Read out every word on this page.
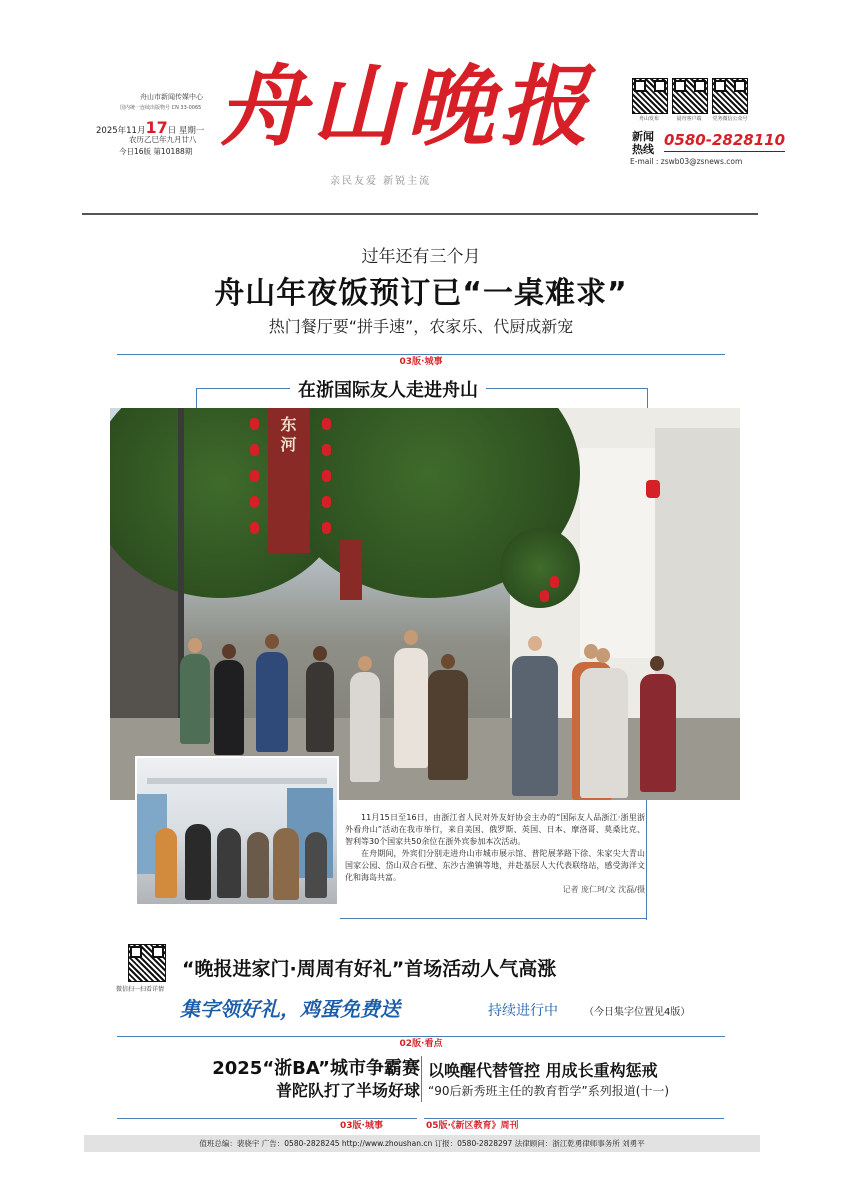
舟山市新闻传媒中心
国内统一连续出版物号 CN 33-0065
2025年11月17日 星期一
农历乙巳年九月廿八
今日16版 第10188期 舟山晚报
亲民友爱 新锐主流
舟山发布	晨舟客户端	党务微信公众号
新闻热线
0580-2828110
E-mail : zswb03@zsnews.com
过年还有三个月
舟山年夜饭预订已“一桌难求”
热门餐厅要“拼手速”，农家乐、代厨成新宠
03版·城事
在浙国际友人走进舟山
东河

11月15日至16日，由浙江省人民对外友好协会主办的“国际友人品浙江·浙里浙外看舟山”活动在我市举行，来自美国、俄罗斯、英国、日本、摩洛哥、莫桑比克、智利等30个国家共50余位在浙外宾参加本次活动。

在舟期间，外宾们分别走进舟山市城市展示馆、普陀展茅路下徐、朱家尖大青山国家公园、岱山双合石壁、东沙古渔镇等地，并赴基层人大代表联络站，感受海洋文化和海岛共富。

记者 庞仁珂/文 沈磊/摄
微信扫一扫看详情
“晚报进家门·周周有好礼”首场活动人气高涨
集字领好礼，鸡蛋免费送	持续进行中	（今日集字位置见4版）
02版·看点
2025“浙BA”城市争霸赛
普陀队打了半场好球
以唤醒代替管控 用成长重构惩戒
“90后新秀班主任的教育哲学”系列报道(十一)
03版·城事	05版·《新区教育》周刊
值班总编：裴骁宇 广告：0580-2828245 http://www.zhoushan.cn 订报：0580-2828297 法律顾问：浙江乾勇律师事务所 刘勇平
